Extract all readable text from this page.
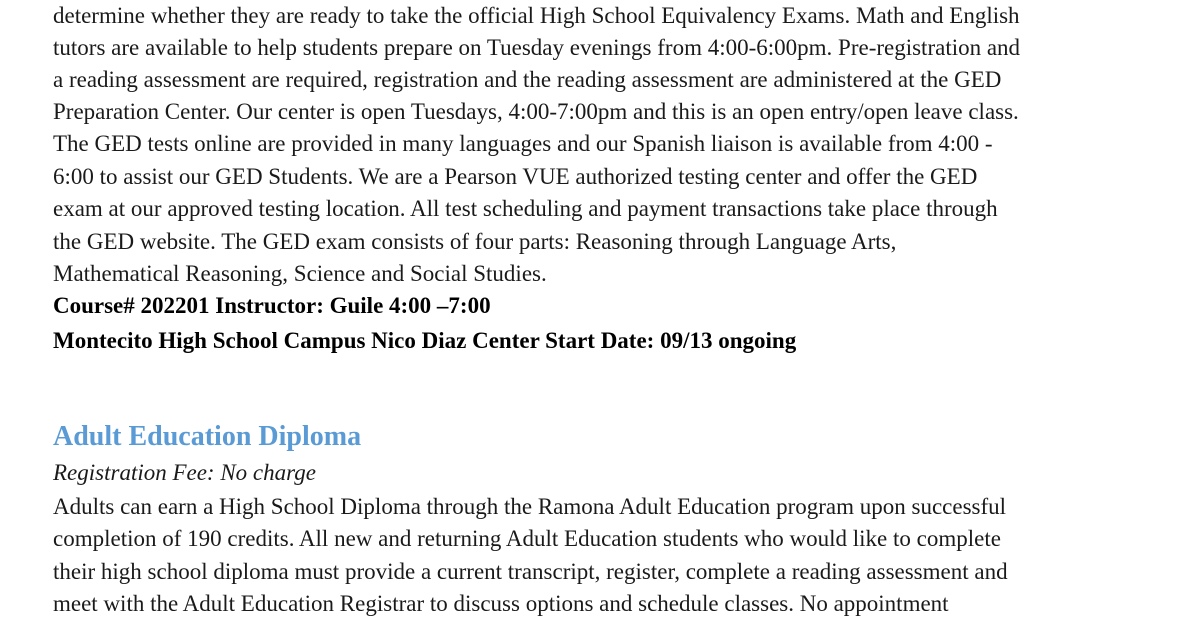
determine whether they are ready to take the official High School Equivalency Exams. Math and English
tutors are available to help students prepare on Tuesday evenings from 4:00-6:00pm. Pre-registration and
a reading assessment are required, registration and the reading assessment are administered at the GED
Preparation Center. Our center is open Tuesdays, 4:00-7:00pm and this is an open entry/open leave class.
The GED tests online are provided in many languages and our Spanish liaison is available from 4:00 -
6:00 to assist our GED Students. We are a Pearson VUE authorized testing center and offer the GED
exam at our approved testing location. All test scheduling and payment transactions take place through
the GED website. The GED exam consists of four parts: Reasoning through Language Arts,
Mathematical Reasoning, Science and Social Studies.
Course# 202201 Instructor: Guile 4:00 –7:00
Montecito High School Campus Nico Diaz Center Start Date: 09/13 ongoing
Adult Education Diploma
Registration Fee: No charge
Adults can earn a High School Diploma through the Ramona Adult Education program upon successful
completion of 190 credits. All new and returning Adult Education students who would like to complete
their high school diploma must provide a current transcript, register, complete a reading assessment and
meet with the Adult Education Registrar to discuss options and schedule classes. No appointment
